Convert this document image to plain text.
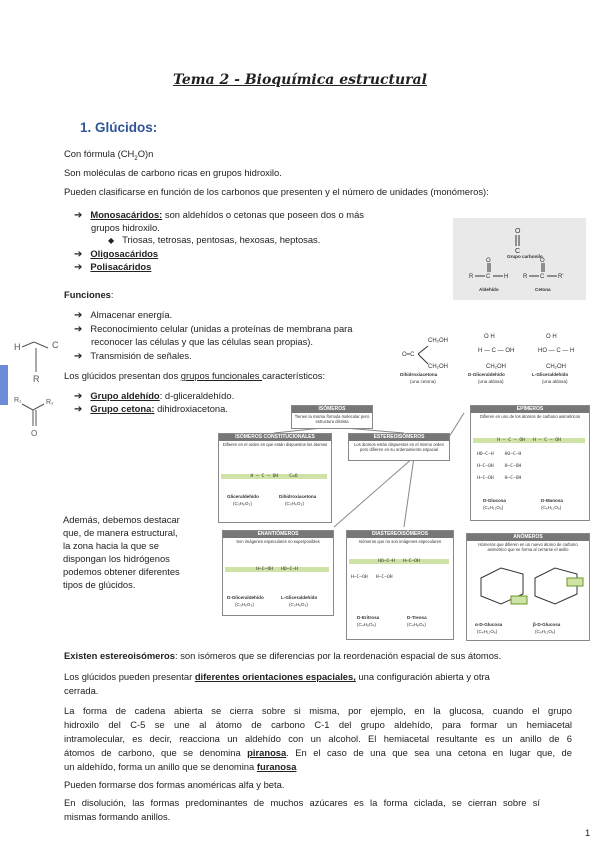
Tema 2 - Bioquímica estructural
1. Glúcidos:
Con fórmula $(CH_2O)n$
Son moléculas de carbono ricas en grupos hidroxilo.
Pueden clasificarse en función de los carbonos que presenten y el número de unidades (monómeros):
➔ Monosacáridos: son aldehídos o cetonas que poseen dos o más
grupos hidroxilo.
◆ Triosas, tetrosas, pentosas, hexosas, heptosas.
➔ Oligosacáridos
➔ Polisacáridos
Funciones:
➔ Almacenar energía.
➔ Reconocimiento celular (unidas a proteínas de membrana para
reconocer las células y que las células sean propias).
➔ Transmisión de señales.
Los glúcidos presentan dos grupos funcionales característicos:
➔ Grupo aldehído: d-gliceraldehído.
➔ Grupo cetona: dihidroxiacetona.
H	C
R
R₁	R₂
O
O
C
R C H
O
R C R'
O
Grupo carbonilo
Aldehído	Cetona
CH₂OH
O=C
CH₂OH
O H
H — C — OH
CH₂OH
O H
HO — C — H
CH₂OH
Dihidroxiacetona	D-Gliceraldehído	L-Gliceraldehído
(una cetona)	(una aldosa)	(una aldosa)
Además, debemos destacar
que, de manera estructural,
la zona hacia la que se
dispongan los hidrógenos
podemos obtener diferentes
tipos de glúcidos.
ISÓMEROS
Tienen la misma fórmula molecular pero estructura distinta
ISÓMEROS CONSTITUCIONALES
Difieren en el orden en que están dispuestos los átomos
H — C — OH    C=O
Gliceraldehído	Dihidroxiacetona
(C₃H₆O₃)	(C₃H₆O₃)
ESTEREOISÓMEROS
Los átomos están dispuestos en el mismo orden pero difieren en su ordenamiento espacial
EPÍMEROS
Difieren en uno de los átomos de carbono asimétricos
H — C — OH   H — C — OH
HO—C—H    HO—C—H
H—C—OH    H—C—OH
H—C—OH    H—C—OH
D-Glucosa	D-Manosa
(C₆H₁₂O₆)	(C₆H₁₂O₆)
ENANTIÓMEROS
Son imágenes especulares no superponibles
H—C—OH   HO—C—H
D-Gliceraldehído	L-Gliceraldehído
(C₃H₆O₃)	(C₃H₆O₃)
DIASTEREOISÓMEROS
Isómeros que no son imágenes especulares
HO—C—H   H—C—OH
H—C—OH   H—C—OH
D-Eritrosa	D-Treosa
(C₄H₈O₄)	(C₄H₈O₄)
ANÓMEROS
Isómeros que difieren en un nuevo átomo de carbono asimétrico que se forma al cerrarse el anillo
α-D-Glucosa	β-D-Glucosa
(C₆H₁₂O₆)	(C₆H₁₂O₆)
Existen estereoisómeros: son isómeros que se diferencias por la reordenación espacial de sus átomos.
Los glúcidos pueden presentar diferentes orientaciones espaciales, una configuración abierta y otra
cerrada.
La forma de cadena abierta se cierra sobre si misma, por ejemplo, en la glucosa, cuando el grupo
hidroxilo del C-5 se une al átomo de carbono C-1 del grupo aldehído, para formar un hemiacetal
intramolecular, es decir, reacciona un aldehído con un alcohol. El hemiacetal resultante es un anillo de 6
átomos de carbono, que se denomina piranosa. En el caso de una que sea una cetona en lugar que, de
un aldehído, forma un anillo que se denomina furanosa
Pueden formarse dos formas anoméricas alfa y beta.
En disolución, las formas predominantes de muchos azúcares es la forma ciclada, se cierran sobre sí
mismas formando anillos.
1
